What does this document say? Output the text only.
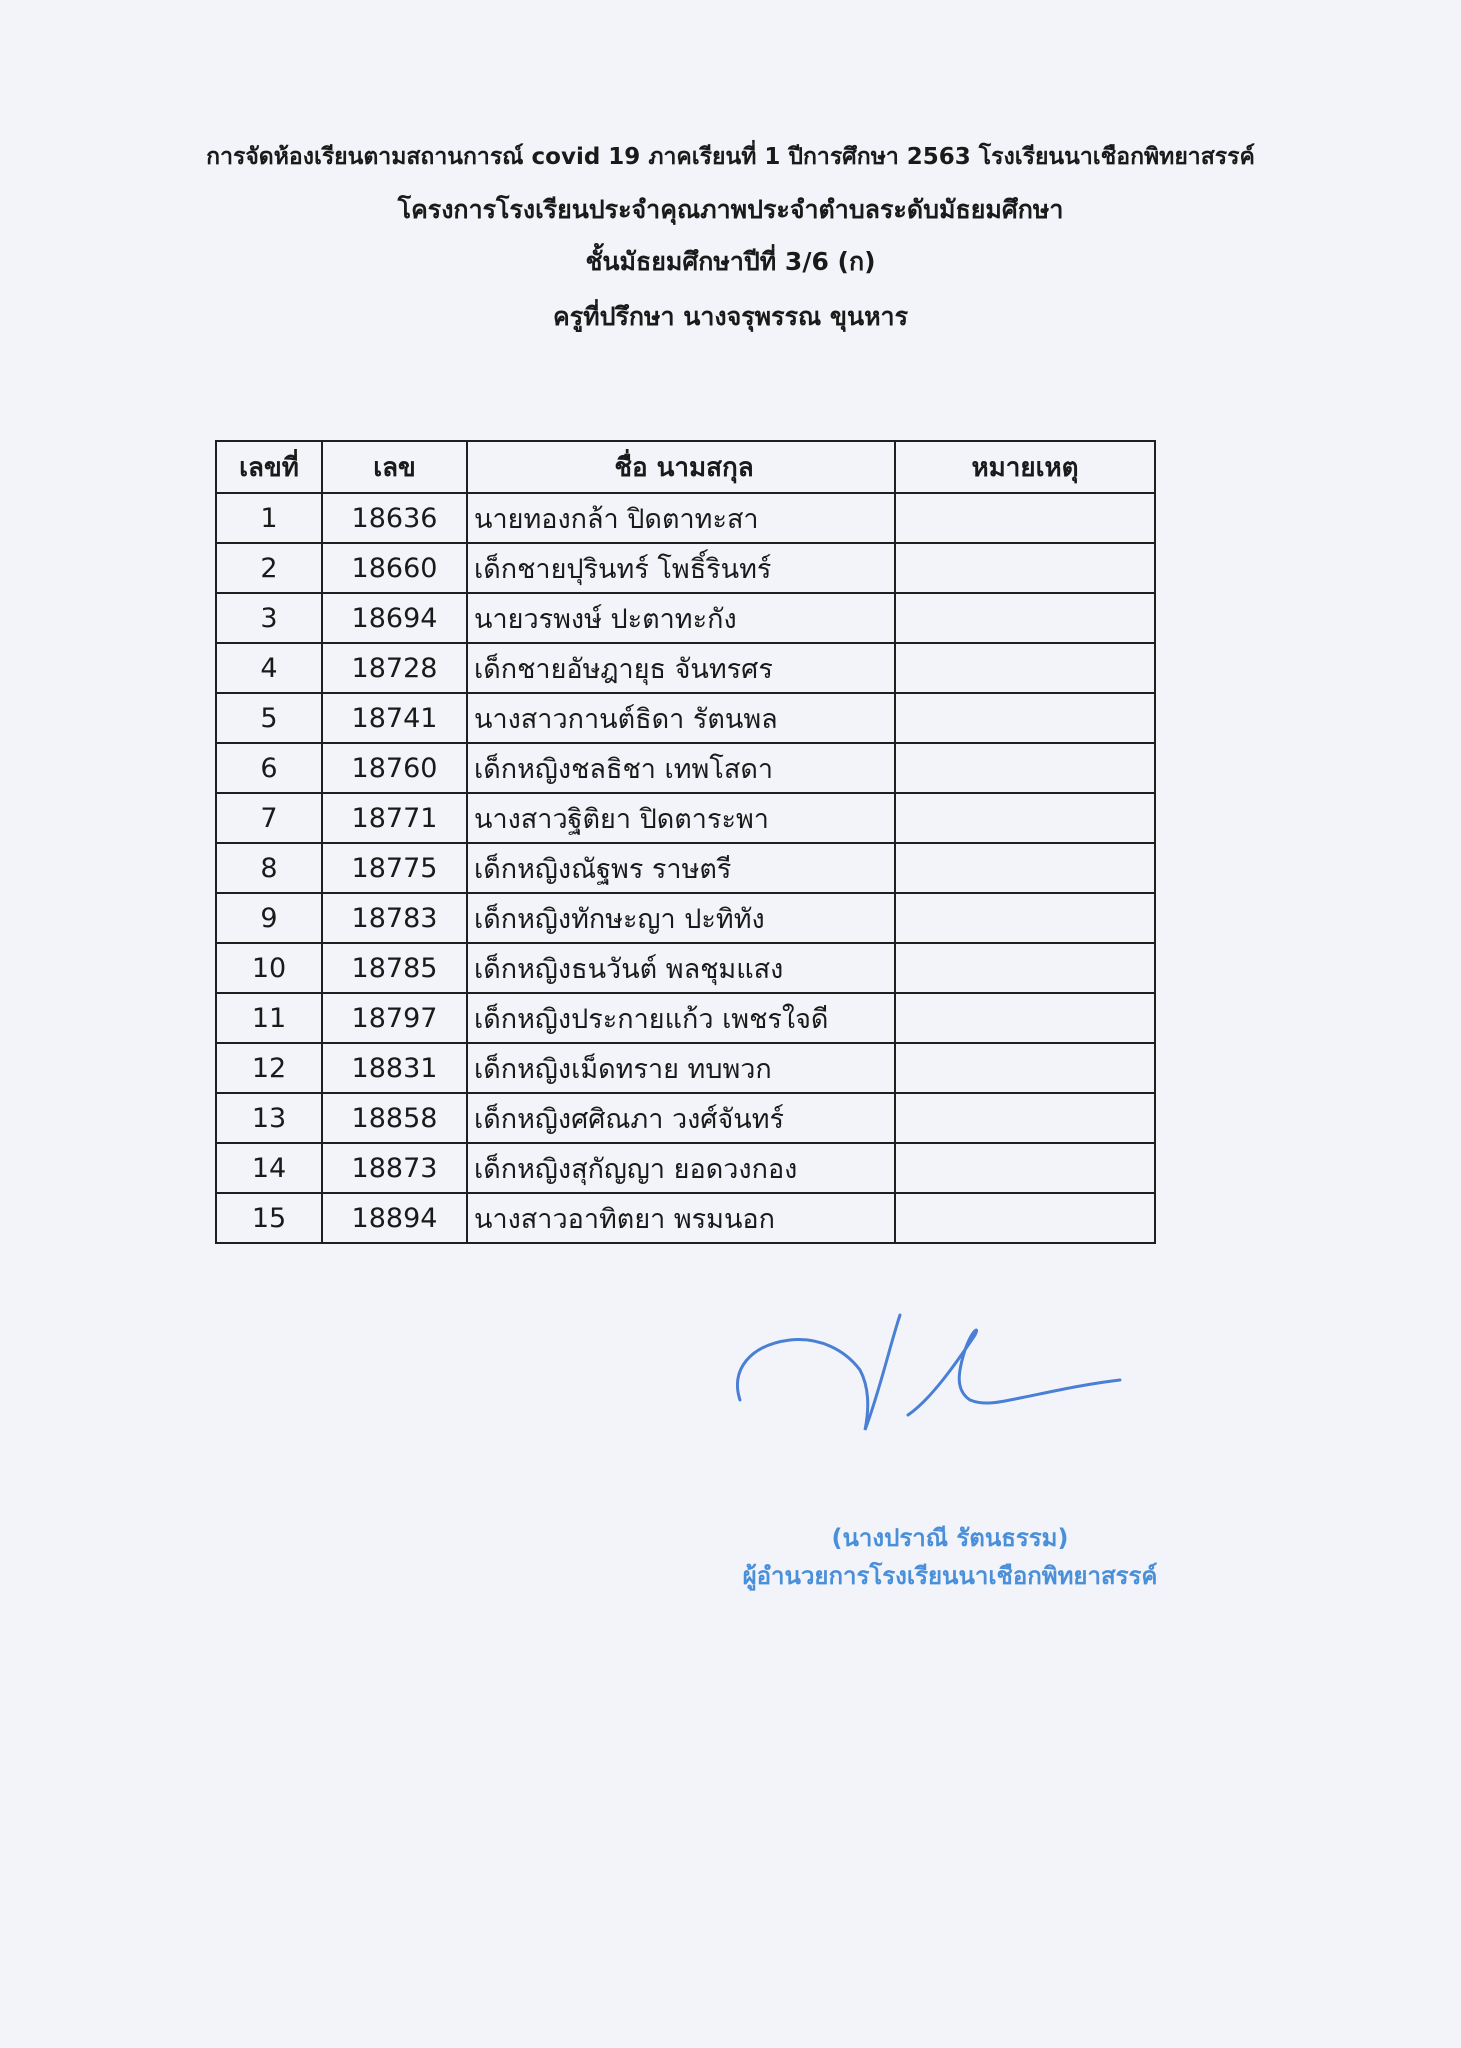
การจัดห้องเรียนตามสถานการณ์ covid 19 ภาคเรียนที่ 1 ปีการศึกษา 2563 โรงเรียนนาเชือกพิทยาสรรค์

โครงการโรงเรียนประจำคุณภาพประจำตำบลระดับมัธยมศึกษา

ชั้นมัธยมศึกษาปีที่ 3/6 (ก)

ครูที่ปรึกษา นางจรุพรรณ ขุนหาร

เลขที่	เลข	ชื่อ นามสกุล	หมายเหตุ
1	18636	นายทองกล้า ปิดตาทะสา	
2	18660	เด็กชายปุรินทร์ โพธิ์รินทร์	
3	18694	นายวรพงษ์ ปะตาทะกัง	
4	18728	เด็กชายอัษฎายุธ จันทรศร	
5	18741	นางสาวกานต์ธิดา รัตนพล	
6	18760	เด็กหญิงชลธิชา เทพโสดา	
7	18771	นางสาวฐิติยา ปิดตาระพา	
8	18775	เด็กหญิงณัฐพร ราษตรี	
9	18783	เด็กหญิงทักษะญา ปะทิทัง	
10	18785	เด็กหญิงธนวันต์ พลชุมแสง	
11	18797	เด็กหญิงประกายแก้ว เพชรใจดี	
12	18831	เด็กหญิงเม็ดทราย ทบพวก	
13	18858	เด็กหญิงศศิณภา วงศ์จันทร์	
14	18873	เด็กหญิงสุกัญญา ยอดวงกอง	
15	18894	นางสาวอาทิตยา พรมนอก	

(นางปราณี รัตนธรรม)

ผู้อำนวยการโรงเรียนนาเชือกพิทยาสรรค์
